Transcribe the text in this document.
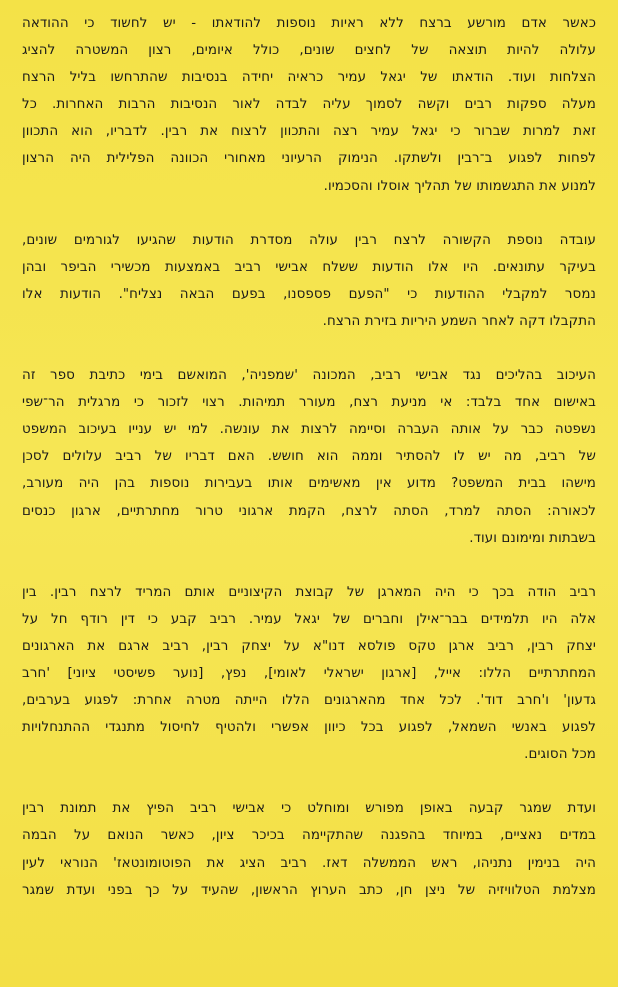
כאשר אדם מורשע ברצח ללא ראיות נוספות להודאתו - יש לחשוד כי ההודאה
עלולה להיות תוצאה של לחצים שונים, כולל איומים, רצון המשטרה להציג
הצלחות ועוד. הודאתו של יגאל עמיר כראיה יחידה בנסיבות שהתרחשו בליל הרצח
מעלה ספקות רבים וקשה לסמוך עליה לבדה לאור הנסיבות הרבות האחרות. כל
זאת למרות שברור כי יגאל עמיר רצה והתכוון לרצוח את רבין. לדבריו, הוא התכוון
לפחות לפגוע ב־רבין ולשתקו. הנימוק הרעיוני מאחורי הכוונה הפלילית היה הרצון
למנוע את התגשמותו של תהליך אוסלו והסכמיו.

עובדה נוספת הקשורה לרצח רבין עולה מסדרת הודעות שהגיעו לגורמים שונים,
בעיקר עתונאים. היו אלו הודעות ששלח אבישי רביב באמצעות מכשירי הביפר ובהן
נמסר למקבלי ההודעות כי "הפעם פספסנו, בפעם הבאה נצליח". הודעות אלו
התקבלו דקה לאחר השמע היריות בזירת הרצח.

העיכוב בהליכים נגד אבישי רביב, המכונה 'שמפניה', המואשם בימי כתיבת ספר זה
באישום אחד בלבד: אי מניעת רצח, מעורר תמיהות. רצוי לזכור כי מרגלית הר־שפי
נשפטה כבר על אותה העברה וסיימה לרצות את עונשה. למי יש ענייו בעיכוב המשפט
של רביב, מה יש לו להסתיר וממה הוא חושש. האם דבריו של רביב עלולים לסכן
מישהו בבית המשפט? מדוע אין מאשימים אותו בעבירות נוספות בהן היה מעורב,
לכאורה: הסתה למרד, הסתה לרצח, הקמת ארגוני טרור מחתרתיים, ארגון כנסים
בשבתות ומימונם ועוד.

רביב הודה בכך כי היה המארגן של קבוצת הקיצוניים אותם המריד לרצח רבין. בין
אלה היו תלמידים בבר־אילן וחברים של יגאל עמיר. רביב קבע כי דין רודף חל על
יצחק רבין, רביב ארגן טקס פולסא דנו"א על יצחק רבין, רביב ארגם את הארגונים
המחתרתיים הללו: אייל, [ארגון ישראלי לאומי], נפץ, [נוער פשיסטי ציוני] 'חרב
גדעון' ו'חרב דוד'. לכל אחד מהארגונים הללו הייתה מטרה אחרת: לפגוע בערבים,
לפגוע באנשי השמאל, לפגוע בכל כיוון אפשרי ולהטיף לחיסול מתנגדי ההתנחלויות
מכל הסוגים.

ועדת שמגר קבעה באופן מפורש ומוחלט כי אבישי רביב הפיץ את תמונת רבין
במדים נאציים, במיוחד בהפגנה שהתקיימה בכיכר ציון, כאשר הנואם על הבמה
היה בנימין נתניהו, ראש הממשלה דאז. רביב הציג את הפוטומונטאז' הנוראי לעין
מצלמת הטלוויזיה של ניצן חן, כתב הערוץ הראשון, שהעיד על כך בפני ועדת שמגר
